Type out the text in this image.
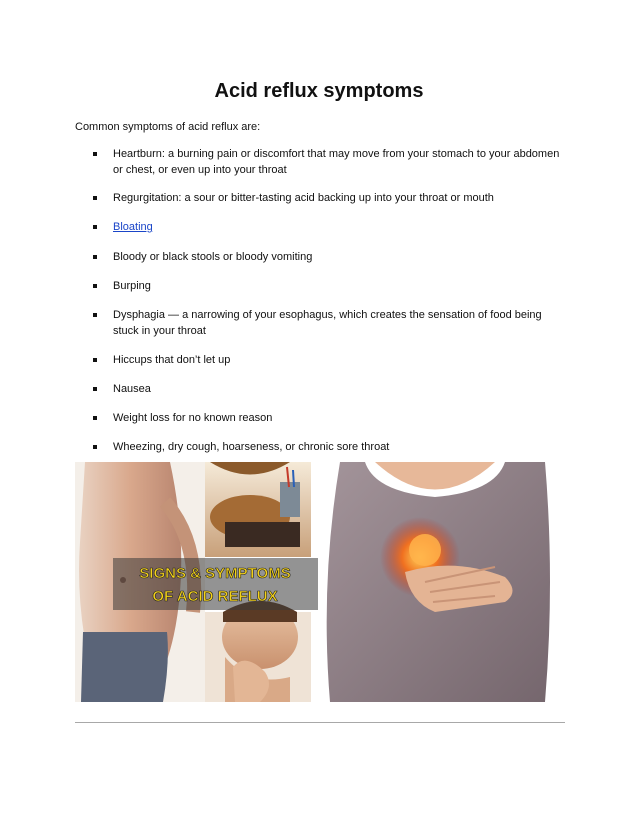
Acid reflux symptoms

Common symptoms of acid reflux are:

Heartburn: a burning pain or discomfort that may move from your stomach to your abdomen or chest, or even up into your throat
Regurgitation: a sour or bitter-tasting acid backing up into your throat or mouth
Bloating
Bloody or black stools or bloody vomiting
Burping
Dysphagia — a narrowing of your esophagus, which creates the sensation of food being stuck in your throat
Hiccups that don’t let up
Nausea
Weight loss for no known reason
Wheezing, dry cough, hoarseness, or chronic sore throat
SIGNS & SYMPTOMS
OF ACID REFLUX
